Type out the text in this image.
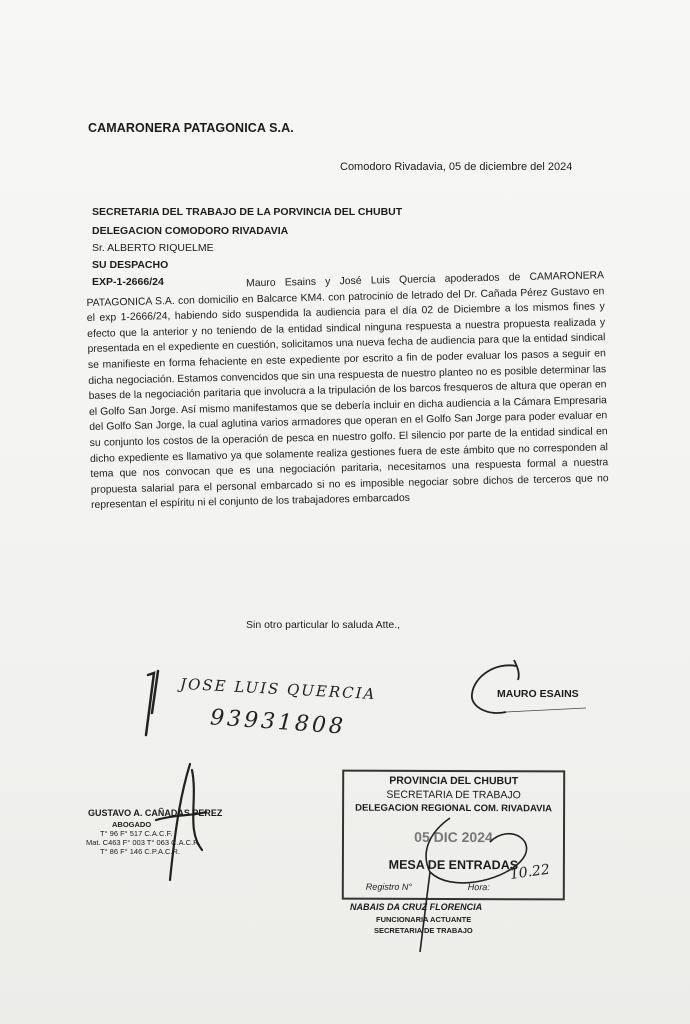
CAMARONERA PATAGONICA S.A.
Comodoro Rivadavia, 05 de diciembre del 2024
SECRETARIA DEL TRABAJO DE LA PORVINCIA DEL CHUBUT
DELEGACION COMODORO RIVADAVIA
Sr. ALBERTO RIQUELME
SU DESPACHO
EXP-1-2666/24	Mauro Esains y José Luis Quercia apoderados de CAMARONERA PATAGONICA S.A. con domicilio en Balcarce KM4. con patrocinio de letrado del Dr. Cañada Pérez Gustavo en el exp 1-2666/24, habiendo sido suspendida la audiencia para el día 02 de Diciembre a los mismos fines y efecto que la anterior y no teniendo de la entidad sindical ninguna respuesta a nuestra propuesta realizada y presentada en el expediente en cuestión, solicitamos una nueva fecha de audiencia para que la entidad sindical se manifieste en forma fehaciente en este expediente por escrito a fin de poder evaluar los pasos a seguir en dicha negociación. Estamos convencidos que sin una respuesta de nuestro planteo no es posible determinar las bases de la negociación paritaria que involucra a la tripulación de los barcos fresqueros de altura que operan en el Golfo San Jorge. Así mismo manifestamos que se debería incluir en dicha audiencia a la Cámara Empresaria del Golfo San Jorge, la cual aglutina varios armadores que operan en el Golfo San Jorge para poder evaluar en su conjunto los costos de la operación de pesca en nuestro golfo. El silencio por parte de la entidad sindical en dicho expediente es llamativo ya que solamente realiza gestiones fuera de este ámbito que no corresponden al tema que nos convocan que es una negociación paritaria, necesitamos una respuesta formal a nuestra propuesta salarial para el personal embarcado si no es imposible negociar sobre dichos de terceros que no representan el espíritu ni el conjunto de los trabajadores embarcados
Sin otro particular lo saluda Atte.,
JOSE LUIS QUERCIA
93931808
MAURO ESAINS
GUSTAVO A. CAÑADAS PEREZ
ABOGADO
T° 96 F° 517 C.A.C.F.
Mat. C463 F° 003 T° 063 C.A.C.R.
T° 86 F° 146 C.P.A.C.R.
PROVINCIA DEL CHUBUT
SECRETARIA DE TRABAJO
DELEGACION REGIONAL COM. RIVADAVIA
05 DIC 2024
MESA DE ENTRADAS
Registro N°	Hora:
10.22
NABAIS DA CRUZ FLORENCIA
FUNCIONARIA ACTUANTE
SECRETARIA DE TRABAJO
